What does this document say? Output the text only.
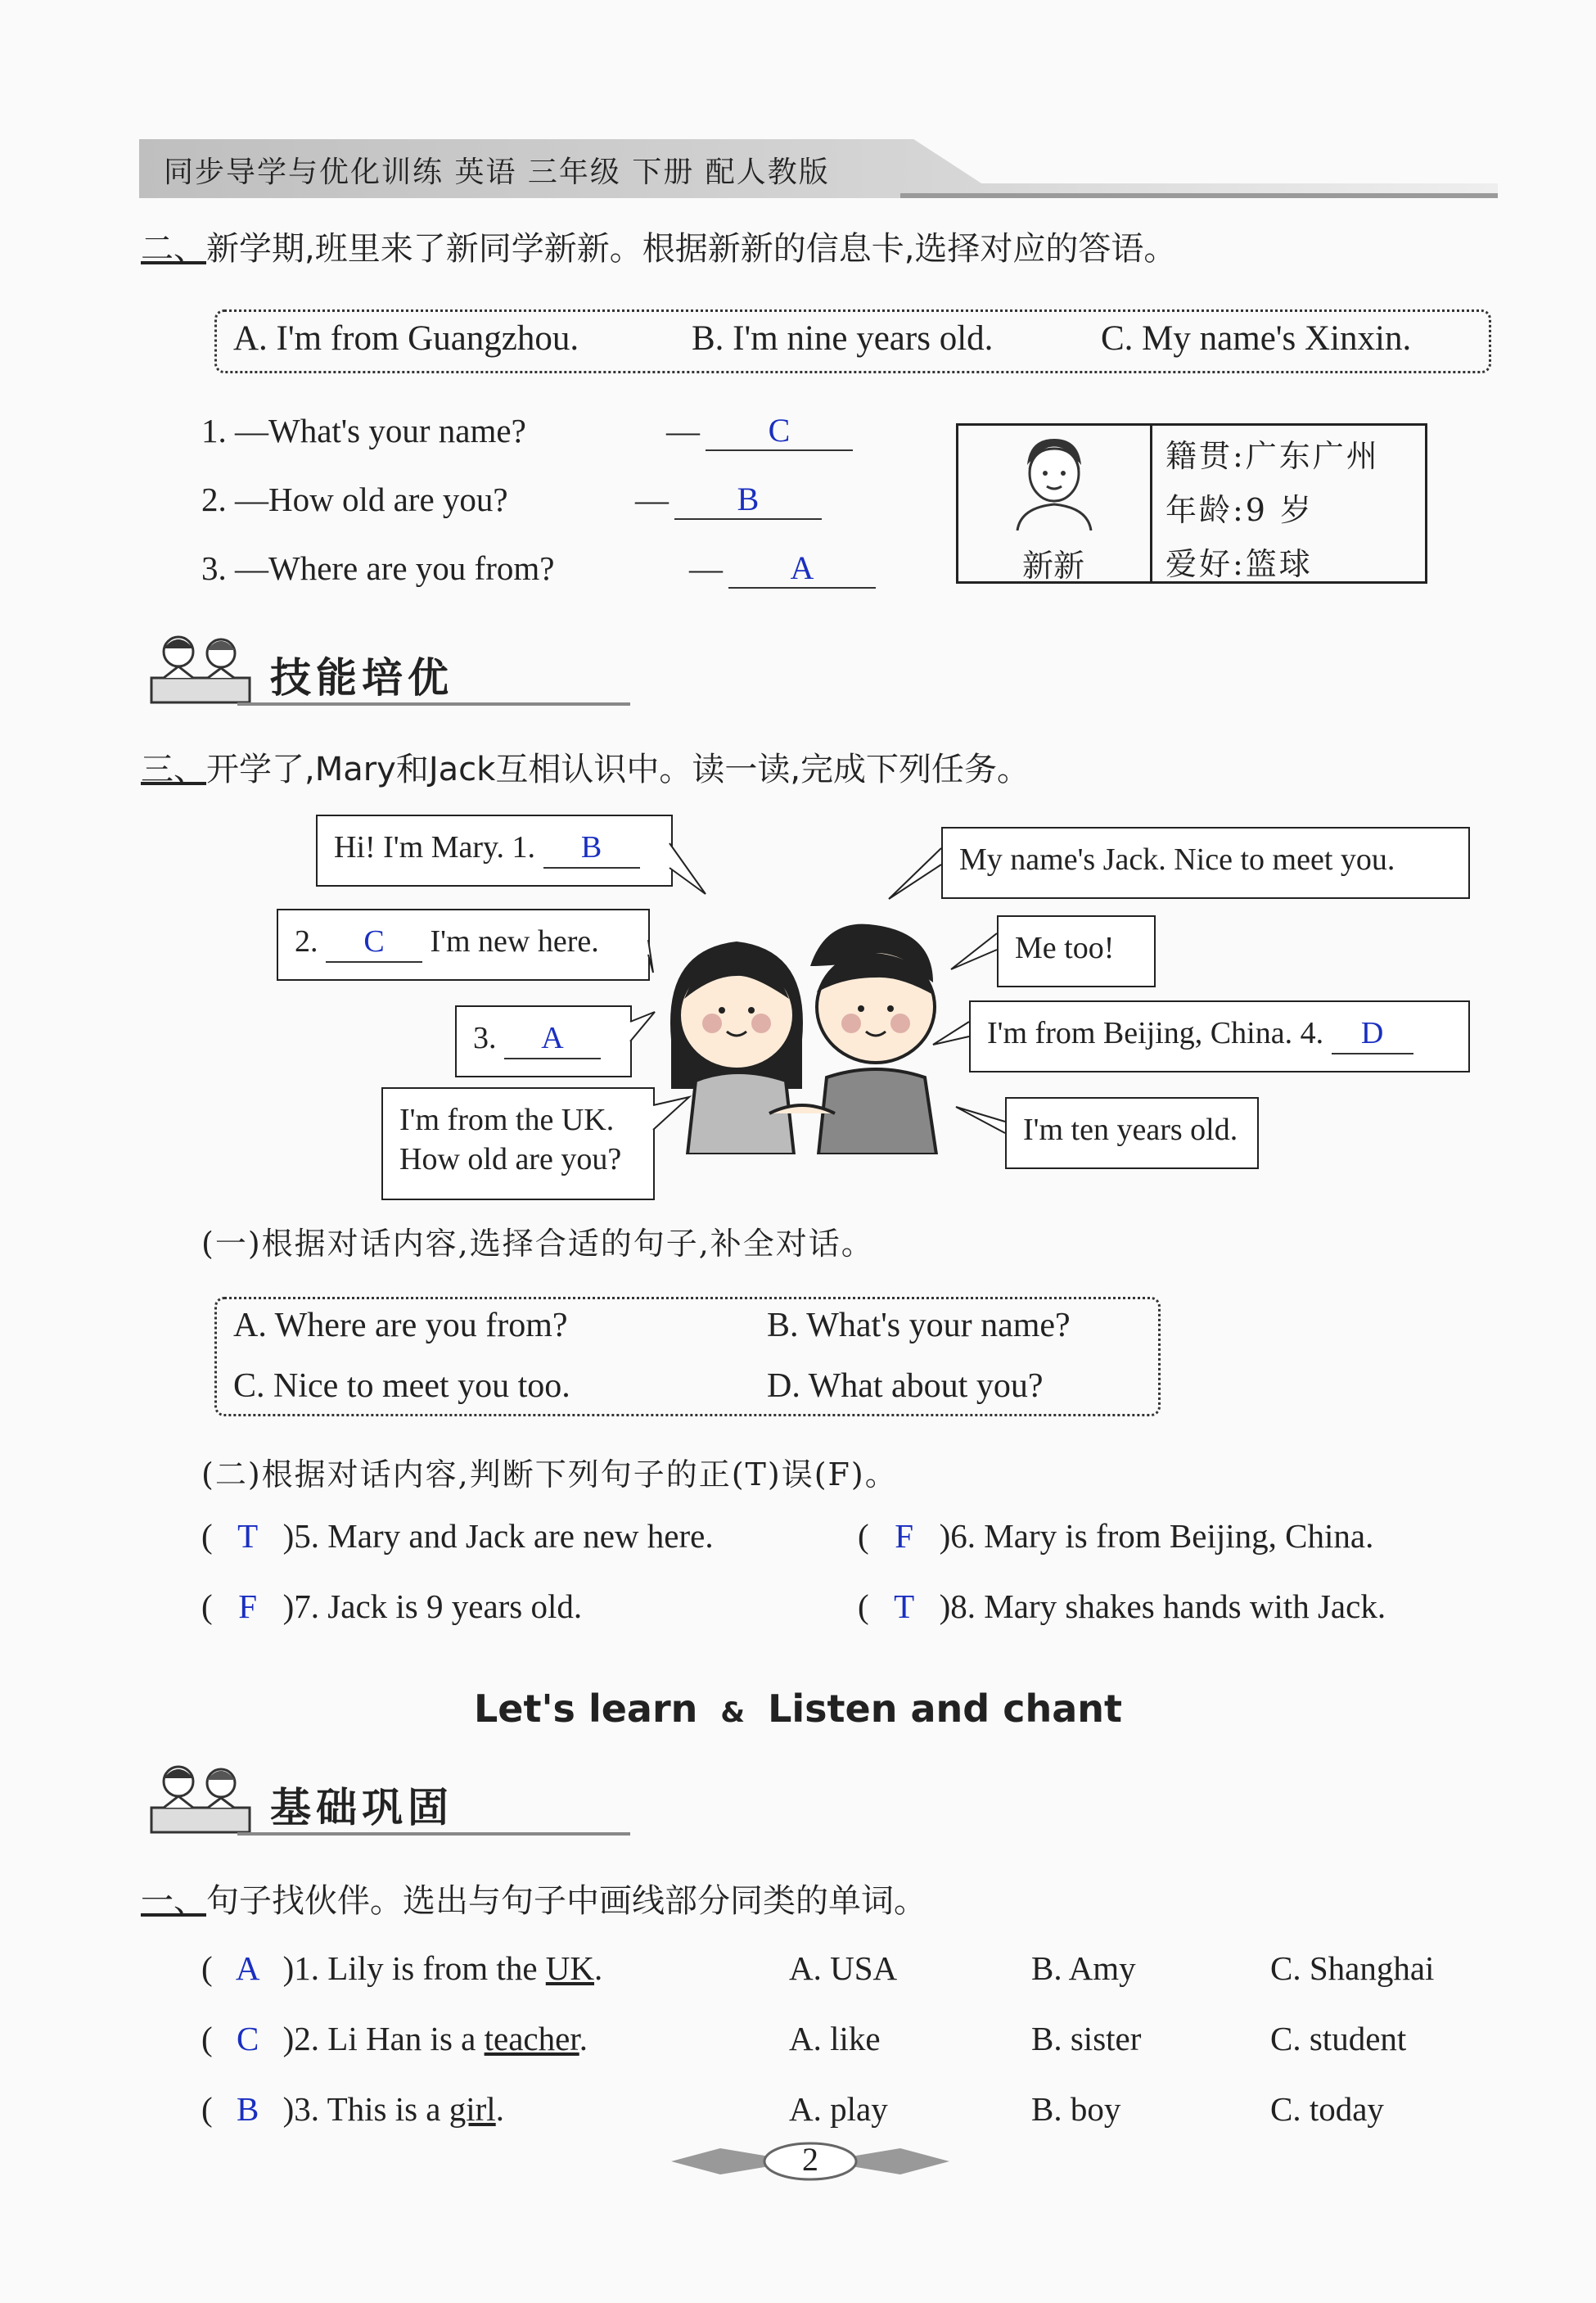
同步导学与优化训练 英语 三年级 下册 配人教版
二、新学期,班里来了新同学新新。根据新新的信息卡,选择对应的答语。
A. I'm from Guangzhou.	B. I'm nine years old.	C. My name's Xinxin.
1. —What's your name?	—	C
2. —How old are you?	—	B
3. —Where are you from?	—	A	新新

籍贯:广东广州
年龄:9 岁
爱好:篮球
技能培优
三、开学了,Mary和Jack互相认识中。读一读,完成下列任务。
Hi! I'm Mary. 1. B
2. C I'm new here.
3. A
I'm from the UK.
How old are you?
My name's Jack. Nice to meet you.
Me too!
I'm from Beijing, China. 4. D
I'm ten years old.
(一)根据对话内容,选择合适的句子,补全对话。
A. Where are you from?	B. What's your name?
C. Nice to meet you too.	D. What about you?
(二)根据对话内容,判断下列句子的正(T)误(F)。
( T )5. Mary and Jack are new here.	( F )6. Mary is from Beijing, China.
( F )7. Jack is 9 years old.	( T )8. Mary shakes hands with Jack.
Let's learn & Listen and chant
基础巩固
一、句子找伙伴。选出与句子中画线部分同类的单词。
( A )1. Lily is from the UK.	A. USA	B. Amy	C. Shanghai
( C )2. Li Han is a teacher.	A. like	B. sister	C. student
( B )3. This is a girl.	A. play	B. boy	C. today
2
